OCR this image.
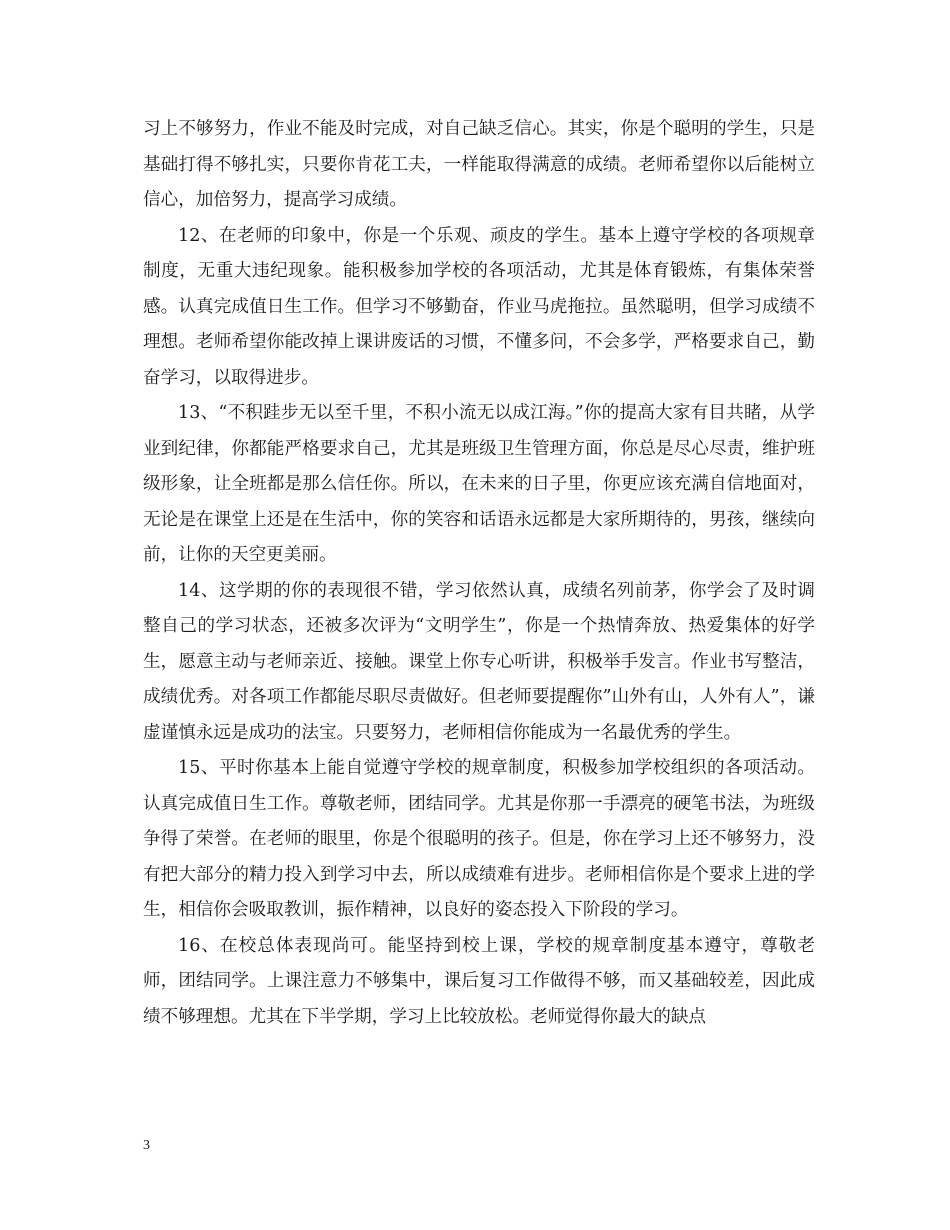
习上不够努力，作业不能及时完成，对自己缺乏信心。其实，你是个聪明的学生，只是基础打得不够扎实，只要你肯花工夫，一样能取得满意的成绩。老师希望你以后能树立信心，加倍努力，提高学习成绩。

12、在老师的印象中，你是一个乐观、顽皮的学生。基本上遵守学校的各项规章制度，无重大违纪现象。能积极参加学校的各项活动，尤其是体育锻炼，有集体荣誉感。认真完成值日生工作。但学习不够勤奋，作业马虎拖拉。虽然聪明，但学习成绩不理想。老师希望你能改掉上课讲废话的习惯，不懂多问，不会多学，严格要求自己，勤奋学习，以取得进步。

13、“不积跬步无以至千里，不积小流无以成江海。”你的提高大家有目共睹，从学业到纪律，你都能严格要求自己，尤其是班级卫生管理方面，你总是尽心尽责，维护班级形象，让全班都是那么信任你。所以，在未来的日子里，你更应该充满自信地面对，无论是在课堂上还是在生活中，你的笑容和话语永远都是大家所期待的，男孩，继续向前，让你的天空更美丽。

14、这学期的你的表现很不错，学习依然认真，成绩名列前茅，你学会了及时调整自己的学习状态，还被多次评为“文明学生”，你是一个热情奔放、热爱集体的好学生，愿意主动与老师亲近、接触。课堂上你专心听讲，积极举手发言。作业书写整洁，成绩优秀。对各项工作都能尽职尽责做好。但老师要提醒你”山外有山，人外有人”，谦虚谨慎永远是成功的法宝。只要努力，老师相信你能成为一名最优秀的学生。

15、平时你基本上能自觉遵守学校的规章制度，积极参加学校组织的各项活动。认真完成值日生工作。尊敬老师，团结同学。尤其是你那一手漂亮的硬笔书法，为班级争得了荣誉。在老师的眼里，你是个很聪明的孩子。但是，你在学习上还不够努力，没有把大部分的精力投入到学习中去，所以成绩难有进步。老师相信你是个要求上进的学生，相信你会吸取教训，振作精神，以良好的姿态投入下阶段的学习。

16、在校总体表现尚可。能坚持到校上课，学校的规章制度基本遵守，尊敬老师，团结同学。上课注意力不够集中，课后复习工作做得不够，而又基础较差，因此成绩不够理想。尤其在下半学期，学习上比较放松。老师觉得你最大的缺点

3
